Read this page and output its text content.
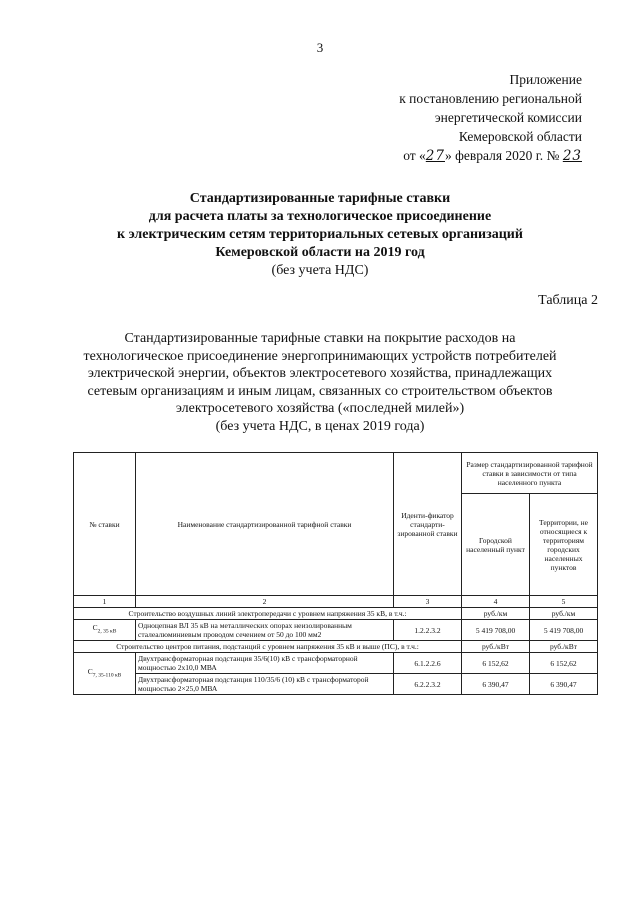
3
Приложение
к постановлению региональной
энергетической комиссии
Кемеровской области
от «27» февраля 2020 г. № 23
Стандартизированные тарифные ставки
для расчета платы за технологическое присоединение
к электрическим сетям территориальных сетевых организаций
Кемеровской области на 2019 год
(без учета НДС)
Таблица 2
Стандартизированные тарифные ставки на покрытие расходов на
технологическое присоединение энергопринимающих устройств потребителей
электрической энергии, объектов электросетевого хозяйства, принадлежащих
сетевым организациям и иным лицам, связанных со строительством объектов
электросетевого хозяйства («последней милей»)
(без учета НДС, в ценах 2019 года)
№ ставки	Наименование стандартизированной тарифной ставки	Иденти-фикатор стандарти-зированной ставки	Размер стандартизированной тарифной ставки в зависимости от типа населенного пункта	
			Городской населенный пункт	Территории, не относящиеся к территориям городских населенных пунктов
1	2	3	4	5
Строительство воздушных линий электропередачи с уровнем напряжения 35 кВ, в т.ч.:			руб./км	руб./км
$С_{2, 35 кВ}$	Одноцепная ВЛ 35 кВ на металлических опорах неизолированным сталеалюминиевым проводом сечением от 50 до 100 мм2	1.2.2.3.2	5 419 708,00	5 419 708,00
Строительство центров питания, подстанций с уровнем напряжения 35 кВ и выше (ПС), в т.ч.:			руб./кВт	руб./кВт
$С_{7, 35-110 кВ}$	Двухтрансформаторная подстанция 35/6(10) кВ с трансформаторной мощностью 2х10,0 МВА	6.1.2.2.6	6 152,62	6 152,62
	Двухтрансформаторная подстанция 110/35/6 (10) кВ с трансформаторой мощностью 2×25,0 МВА	6.2.2.3.2	6 390,47	6 390,47
